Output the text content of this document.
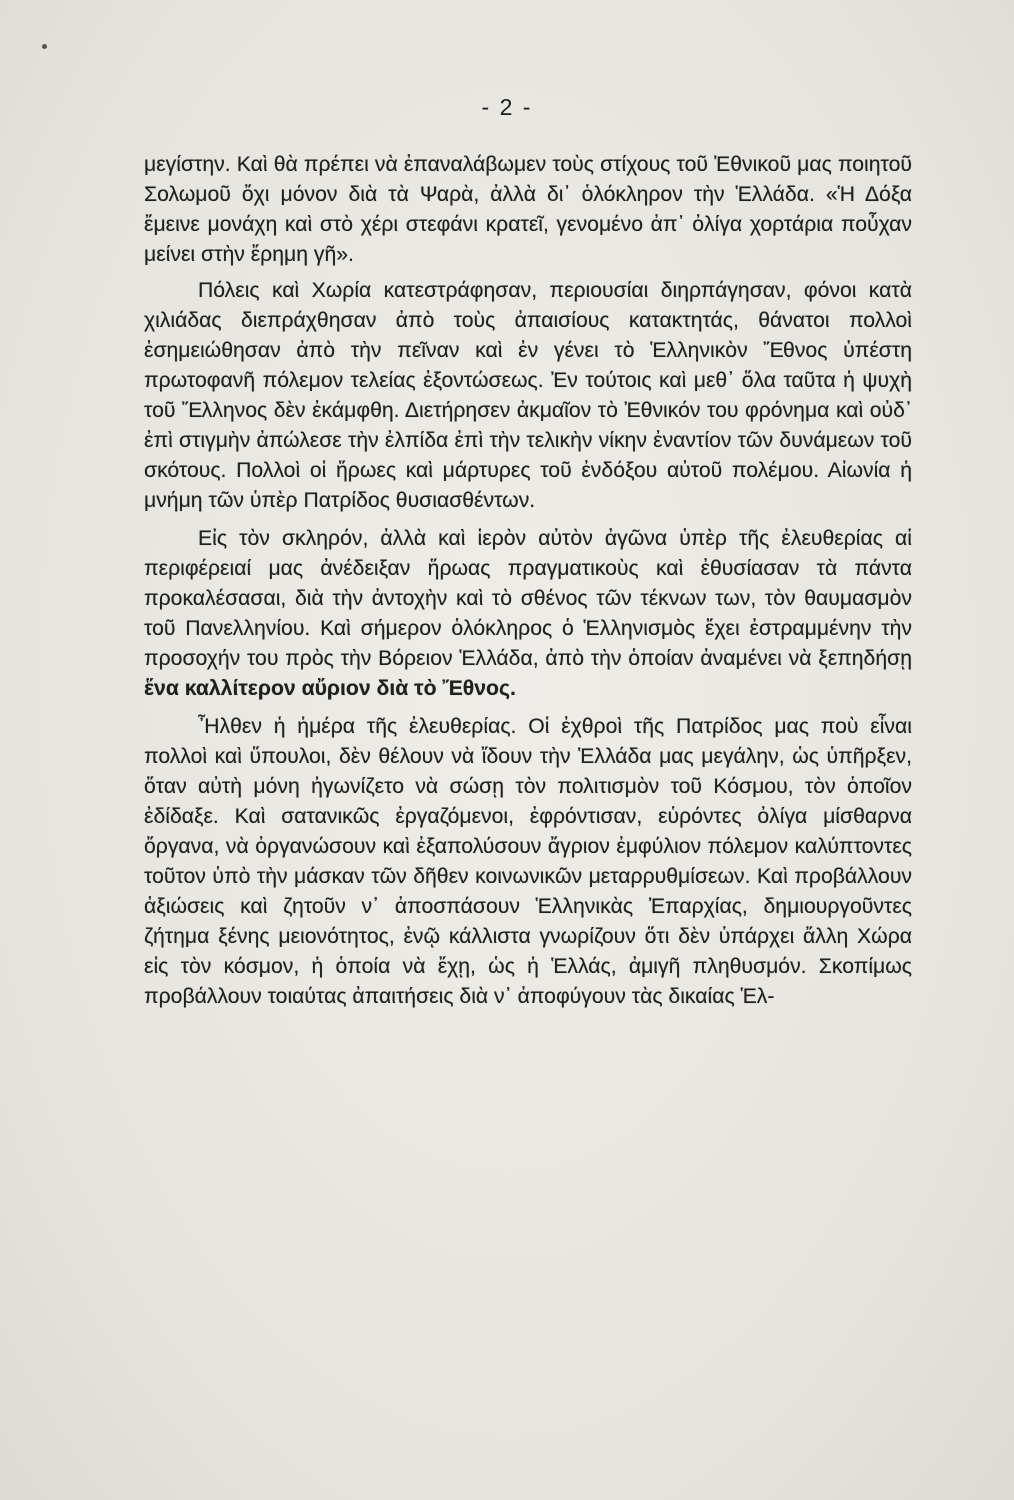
- 2 -

μεγίστην. Καὶ θὰ πρέπει νὰ ἐπαναλάβωμεν τοὺς στίχους τοῦ Ἐθνικοῦ μας ποιητοῦ Σολωμοῦ ὄχι μόνον διὰ τὰ Ψαρὰ, ἀλλὰ δι᾽ ὁλόκληρον τὴν Ἑλλάδα. «Ἡ Δόξα ἔμεινε μονάχη καὶ στὸ χέρι στεφάνι κρατεῖ, γενομένο ἀπ᾽ ὀλίγα χορτάρια ποὖχαν μείνει στὴν ἔρημη γῆ».

Πόλεις καὶ Χωρία κατεστράφησαν, περιουσίαι διηρπάγησαν, φόνοι κατὰ χιλιάδας διεπράχθησαν ἀπὸ τοὺς ἀπαισίους κατακτητάς, θάνατοι πολλοὶ ἐσημειώθησαν ἀπὸ τὴν πεῖναν καὶ ἐν γένει τὸ Ἑλληνικὸν Ἔθνος ὑπέστη πρωτοφανῆ πόλεμον τελείας ἐξοντώσεως. Ἐν τούτοις καὶ μεθ᾽ ὅλα ταῦτα ἡ ψυχὴ τοῦ Ἕλληνος δὲν ἐκάμφθη. Διετήρησεν ἀκμαῖον τὸ Ἐθνικόν του φρόνημα καὶ οὐδ᾽ ἐπὶ στιγμὴν ἀπώλεσε τὴν ἐλπίδα ἐπὶ τὴν τελικὴν νίκην ἐναντίον τῶν δυνάμεων τοῦ σκότους. Πολλοὶ οἱ ἥρωες καὶ μάρτυρες τοῦ ἐνδόξου αὐτοῦ πολέμου. Αἰωνία ἡ μνήμη τῶν ὑπὲρ Πατρίδος θυσιασθέντων.

Εἰς τὸν σκληρόν, ἀλλὰ καὶ ἱερὸν αὐτὸν ἀγῶνα ὑπὲρ τῆς ἐλευθερίας αἱ περιφέρειαί μας ἀνέδειξαν ἥρωας πραγματικοὺς καὶ ἐθυσίασαν τὰ πάντα προκαλέσασαι, διὰ τὴν ἀντοχὴν καὶ τὸ σθένος τῶν τέκνων των, τὸν θαυμασμὸν τοῦ Πανελληνίου. Καὶ σήμερον ὁλόκληρος ὁ Ἑλληνισμὸς ἔχει ἐστραμμένην τὴν προσοχήν του πρὸς τὴν Βόρειον Ἑλλάδα, ἀπὸ τὴν ὁποίαν ἀναμένει νὰ ξεπηδήσῃ ἕνα καλλίτερον αὔριον διὰ τὸ Ἔθνος.

Ἦλθεν ἡ ἡμέρα τῆς ἐλευθερίας. Οἱ ἐχθροὶ τῆς Πατρίδος μας ποὺ εἶναι πολλοὶ καὶ ὕπουλοι, δὲν θέλουν νὰ ἴδουν τὴν Ἑλλάδα μας μεγάλην, ὡς ὑπῆρξεν, ὅταν αὐτὴ μόνη ἠγωνίζετο νὰ σώσῃ τὸν πολιτισμὸν τοῦ Κόσμου, τὸν ὁποῖον ἐδίδαξε. Καὶ σατανικῶς ἐργαζόμενοι, ἐφρόντισαν, εὑρόντες ὀλίγα μίσθαρνα ὄργανα, νὰ ὀργανώσουν καὶ ἐξαπολύσουν ἄγριον ἐμφύλιον πόλεμον καλύπτοντες τοῦτον ὑπὸ τὴν μάσκαν τῶν δῆθεν κοινωνικῶν μεταρρυθμίσεων. Καὶ προβάλλουν ἀξιώσεις καὶ ζητοῦν ν᾽ ἀποσπάσουν Ἑλληνικὰς Ἐπαρχίας, δημιουργοῦντες ζήτημα ξένης μειονότητος, ἐνῷ κάλλιστα γνωρίζουν ὅτι δὲν ὑπάρχει ἄλλη Χώρα εἰς τὸν κόσμον, ἡ ὁποία νὰ ἔχῃ, ὡς ἡ Ἑλλάς, ἀμιγῆ πληθυσμόν. Σκοπίμως προβάλλουν τοιαύτας ἀπαιτήσεις διὰ ν᾽ ἀποφύγουν τὰς δικαίας Ἑλ-
